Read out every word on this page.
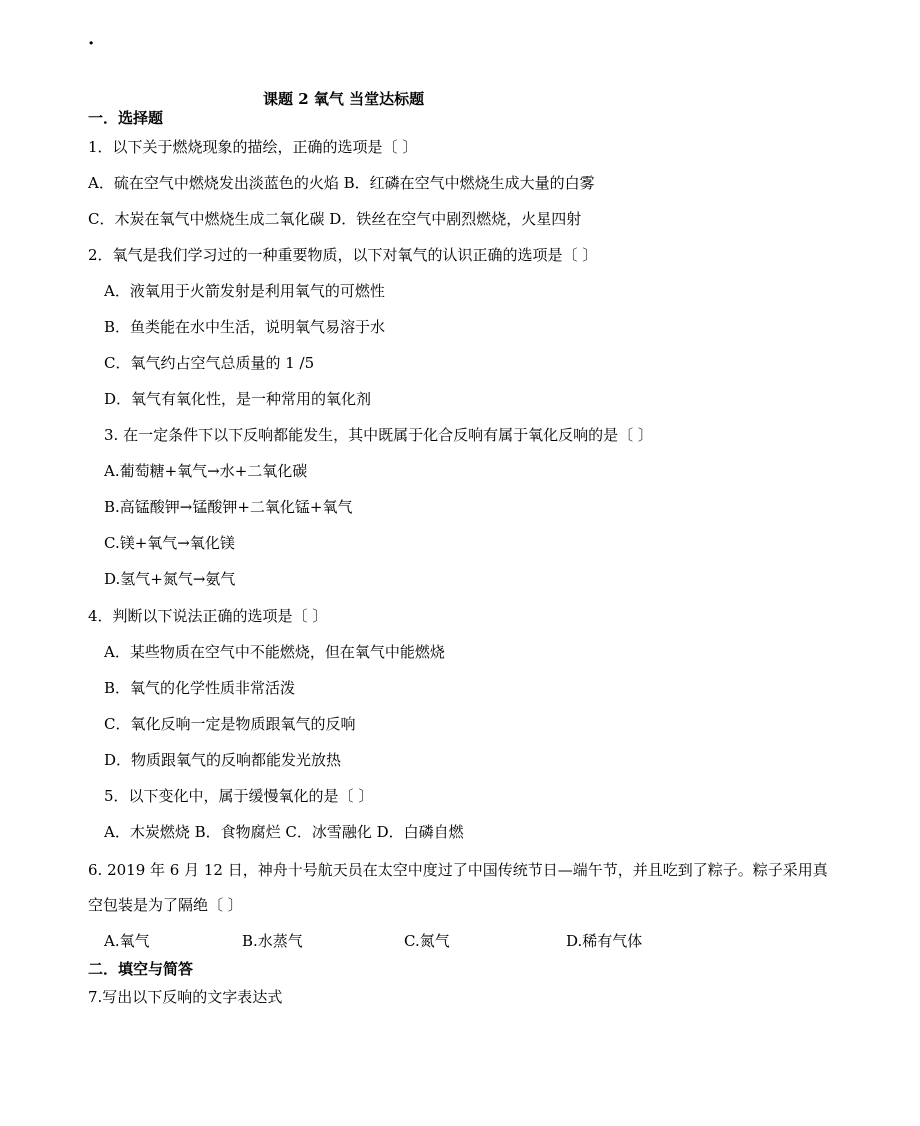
·
课题 2 氧气 当堂达标题
一．选择题
1．以下关于燃烧现象的描绘，正确的选项是〔 〕
A．硫在空气中燃烧发出淡蓝色的火焰 B．红磷在空气中燃烧生成大量的白雾
C．木炭在氧气中燃烧生成二氧化碳 D．铁丝在空气中剧烈燃烧，火星四射
2．氧气是我们学习过的一种重要物质，以下对氧气的认识正确的选项是〔 〕
A．液氧用于火箭发射是利用氧气的可燃性
B．鱼类能在水中生活，说明氧气易溶于水
C．氧气约占空气总质量的 1 /5
D．氧气有氧化性，是一种常用的氧化剂
3. 在一定条件下以下反响都能发生，其中既属于化合反响有属于氧化反响的是〔 〕
A.葡萄糖+氧气→水+二氧化碳
B.高锰酸钾→锰酸钾+二氧化锰+氧气
C.镁+氧气→氧化镁
D.氢气+氮气→氨气
4．判断以下说法正确的选项是〔 〕
A．某些物质在空气中不能燃烧，但在氧气中能燃烧
B．氧气的化学性质非常活泼
C．氧化反响一定是物质跟氧气的反响
D．物质跟氧气的反响都能发光放热
5．以下变化中，属于缓慢氧化的是〔 〕
A．木炭燃烧 B．食物腐烂 C．冰雪融化 D．白磷自燃
6. 2019 年 6 月 12 日，神舟十号航天员在太空中度过了中国传统节日—端午节，并且吃到了粽子。粽子采用真
空包装是为了隔绝〔 〕
A.氧气	B.水蒸气	C.氮气	D.稀有气体
二．填空与简答
7.写出以下反响的文字表达式
